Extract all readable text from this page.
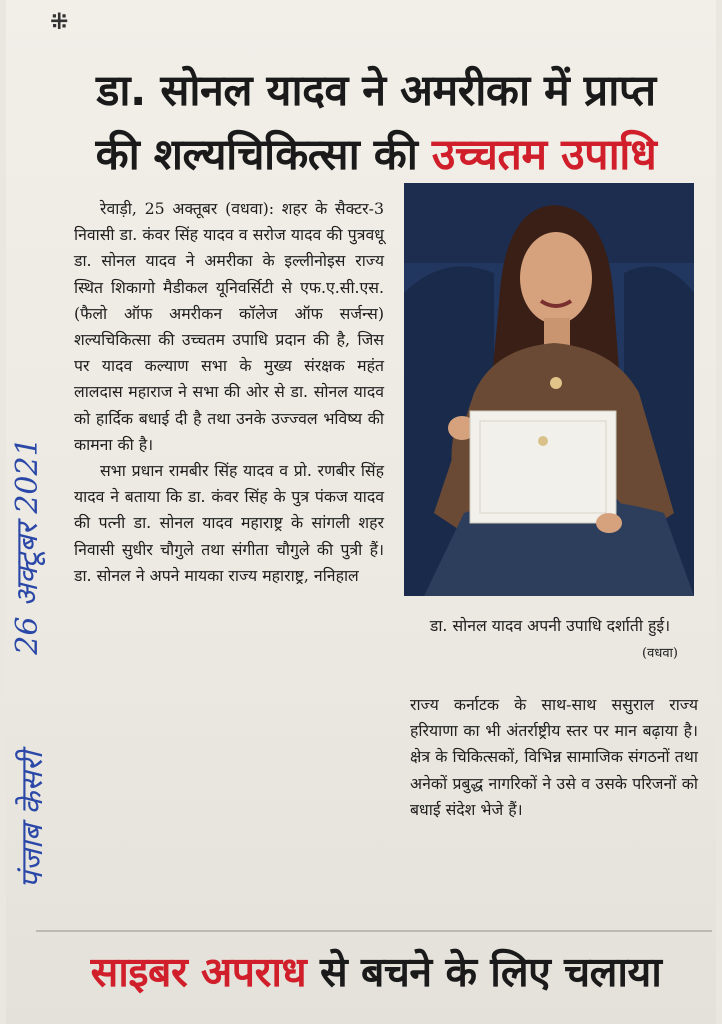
⁜
डा. सोनल यादव ने अमरीका में प्राप्त
की शल्यचिकित्सा की उच्चतम उपाधि

रेवाड़ी, 25 अक्तूबर (वधवा): शहर के सैक्टर-3 निवासी डा. कंवर सिंह यादव व सरोज यादव की पुत्रवधू डा. सोनल यादव ने अमरीका के इल्लीनोइस राज्य स्थित शिकागो मैडीकल यूनिवर्सिटी से एफ.ए.सी.एस. (फैलो ऑफ अमरीकन कॉलेज ऑफ सर्जन्स) शल्यचिकित्सा की उच्चतम उपाधि प्रदान की है, जिस पर यादव कल्याण सभा के मुख्य संरक्षक महंत लालदास महाराज ने सभा की ओर से डा. सोनल यादव को हार्दिक बधाई दी है तथा उनके उज्ज्वल भविष्य की कामना की है।

सभा प्रधान रामबीर सिंह यादव व प्रो. रणबीर सिंह यादव ने बताया कि डा. कंवर सिंह के पुत्र पंकज यादव की पत्नी डा. सोनल यादव महाराष्ट्र के सांगली शहर निवासी सुधीर चौगुले तथा संगीता चौगुले की पुत्री हैं। डा. सोनल ने अपने मायका राज्य महाराष्ट्र, ननिहाल

डा. सोनल यादव अपनी उपाधि दर्शाती हुई।
(वधवा)

राज्य कर्नाटक के साथ-साथ ससुराल राज्य हरियाणा का भी अंतर्राष्ट्रीय स्तर पर मान बढ़ाया है। क्षेत्र के चिकित्सकों, विभिन्न सामाजिक संगठनों तथा अनेकों प्रबुद्ध नागरिकों ने उसे व उसके परिजनों को बधाई संदेश भेजे हैं।

26 अक्टूबर 2021
पंजाब केसरी
साइबर अपराध से बचने के लिए चलाया
